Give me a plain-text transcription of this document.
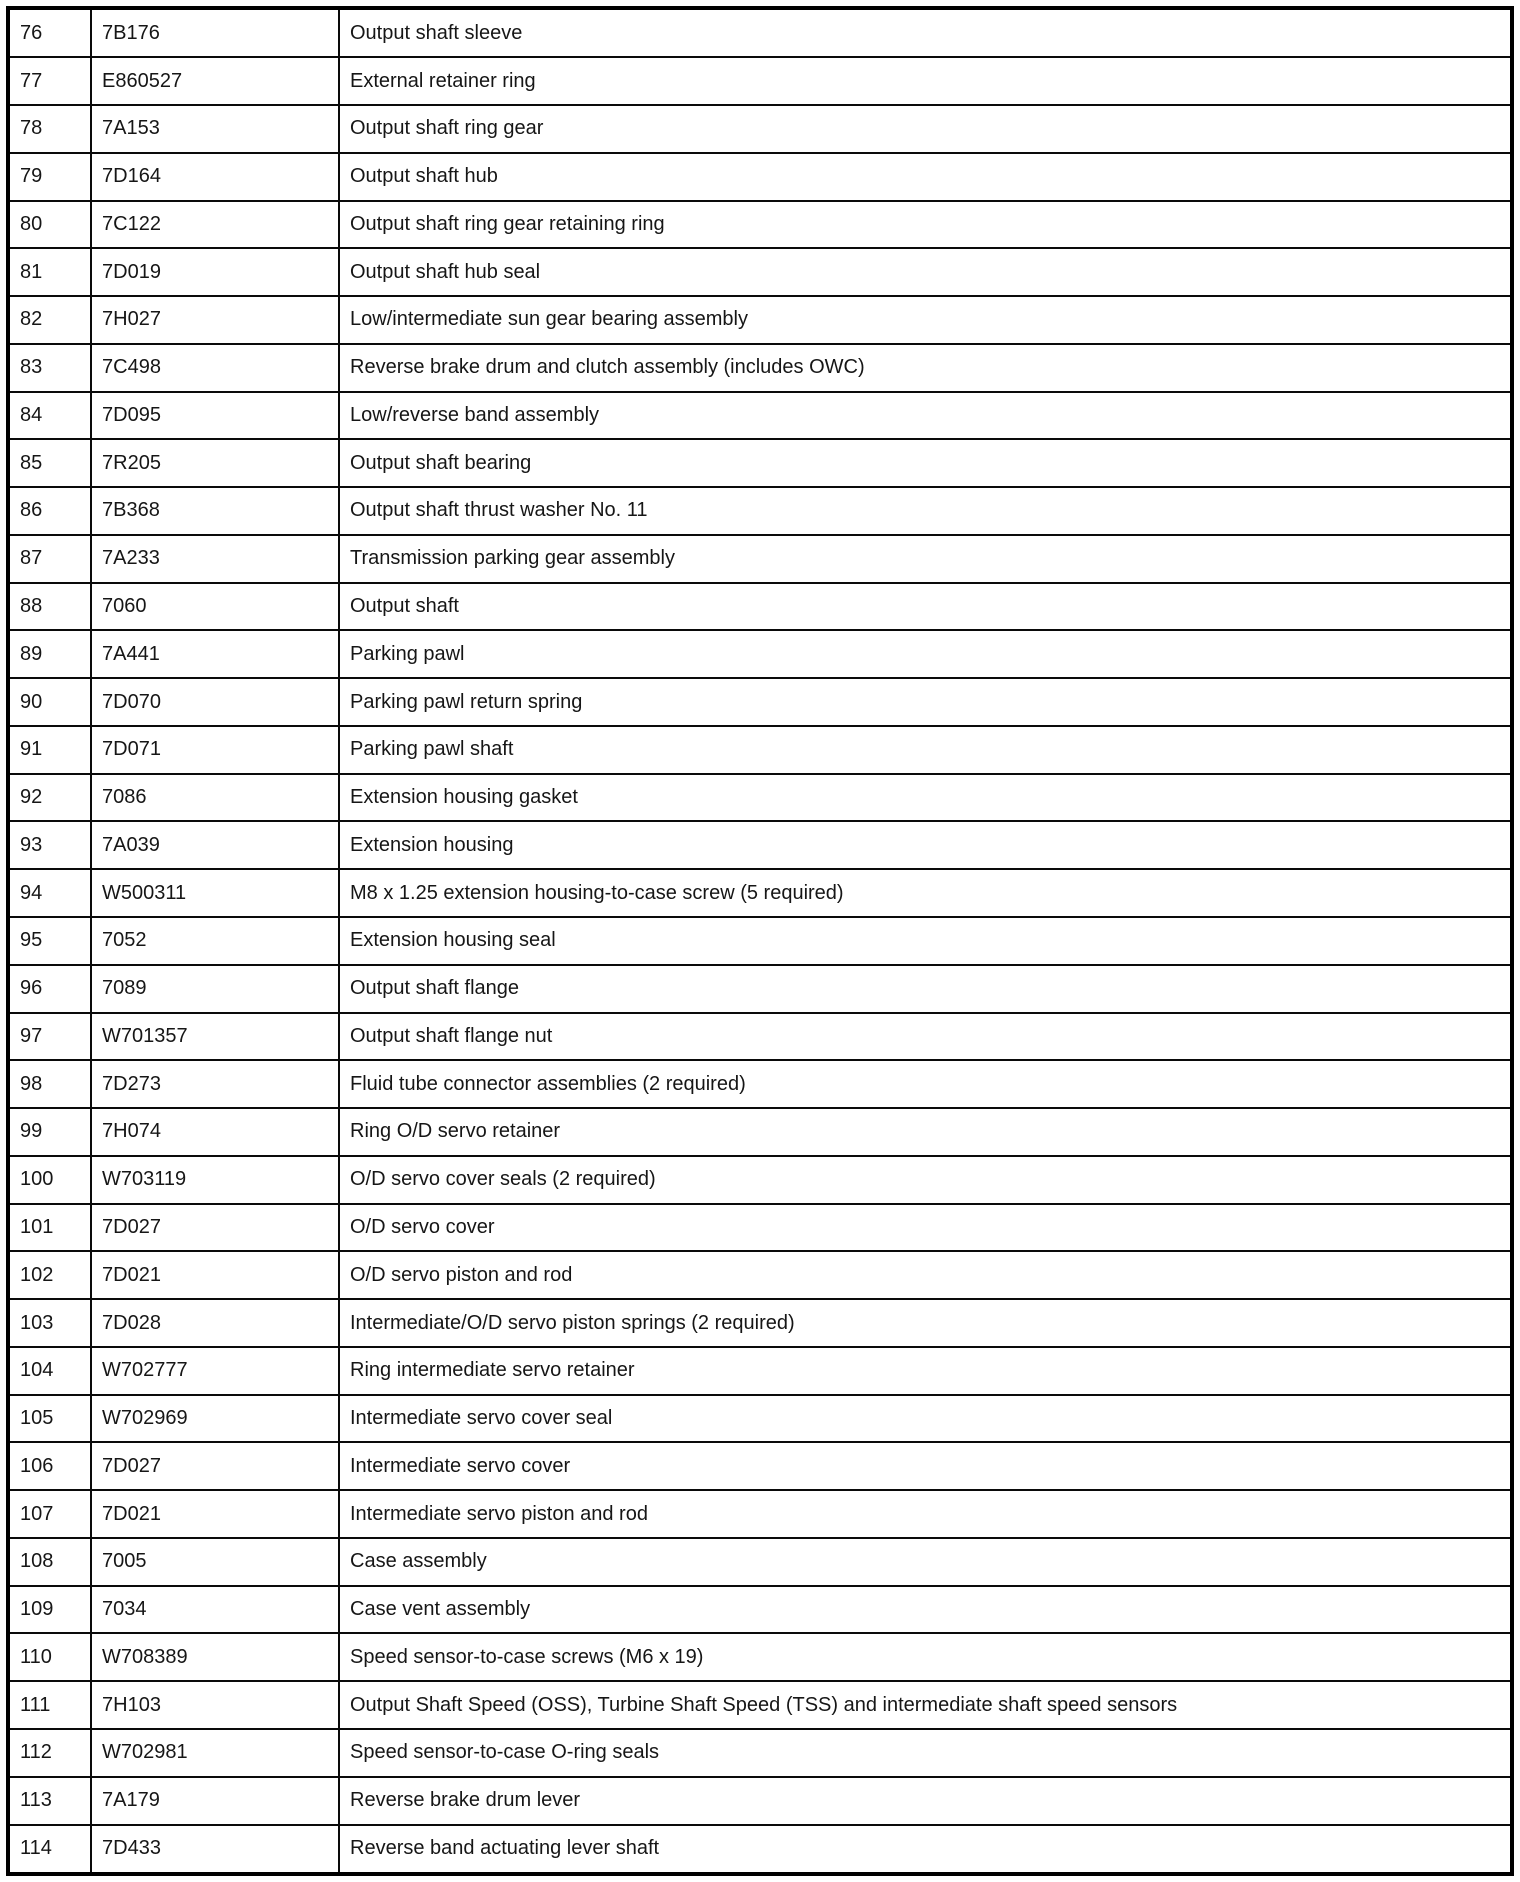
76	7B176	Output shaft sleeve
77	E860527	External retainer ring
78	7A153	Output shaft ring gear
79	7D164	Output shaft hub
80	7C122	Output shaft ring gear retaining ring
81	7D019	Output shaft hub seal
82	7H027	Low/intermediate sun gear bearing assembly
83	7C498	Reverse brake drum and clutch assembly (includes OWC)
84	7D095	Low/reverse band assembly
85	7R205	Output shaft bearing
86	7B368	Output shaft thrust washer No. 11
87	7A233	Transmission parking gear assembly
88	7060	Output shaft
89	7A441	Parking pawl
90	7D070	Parking pawl return spring
91	7D071	Parking pawl shaft
92	7086	Extension housing gasket
93	7A039	Extension housing
94	W500311	M8 x 1.25 extension housing-to-case screw (5 required)
95	7052	Extension housing seal
96	7089	Output shaft flange
97	W701357	Output shaft flange nut
98	7D273	Fluid tube connector assemblies (2 required)
99	7H074	Ring O/D servo retainer
100	W703119	O/D servo cover seals (2 required)
101	7D027	O/D servo cover
102	7D021	O/D servo piston and rod
103	7D028	Intermediate/O/D servo piston springs (2 required)
104	W702777	Ring intermediate servo retainer
105	W702969	Intermediate servo cover seal
106	7D027	Intermediate servo cover
107	7D021	Intermediate servo piston and rod
108	7005	Case assembly
109	7034	Case vent assembly
110	W708389	Speed sensor-to-case screws (M6 x 19)
111	7H103	Output Shaft Speed (OSS), Turbine Shaft Speed (TSS) and intermediate shaft speed sensors
112	W702981	Speed sensor-to-case O-ring seals
113	7A179	Reverse brake drum lever
114	7D433	Reverse band actuating lever shaft
